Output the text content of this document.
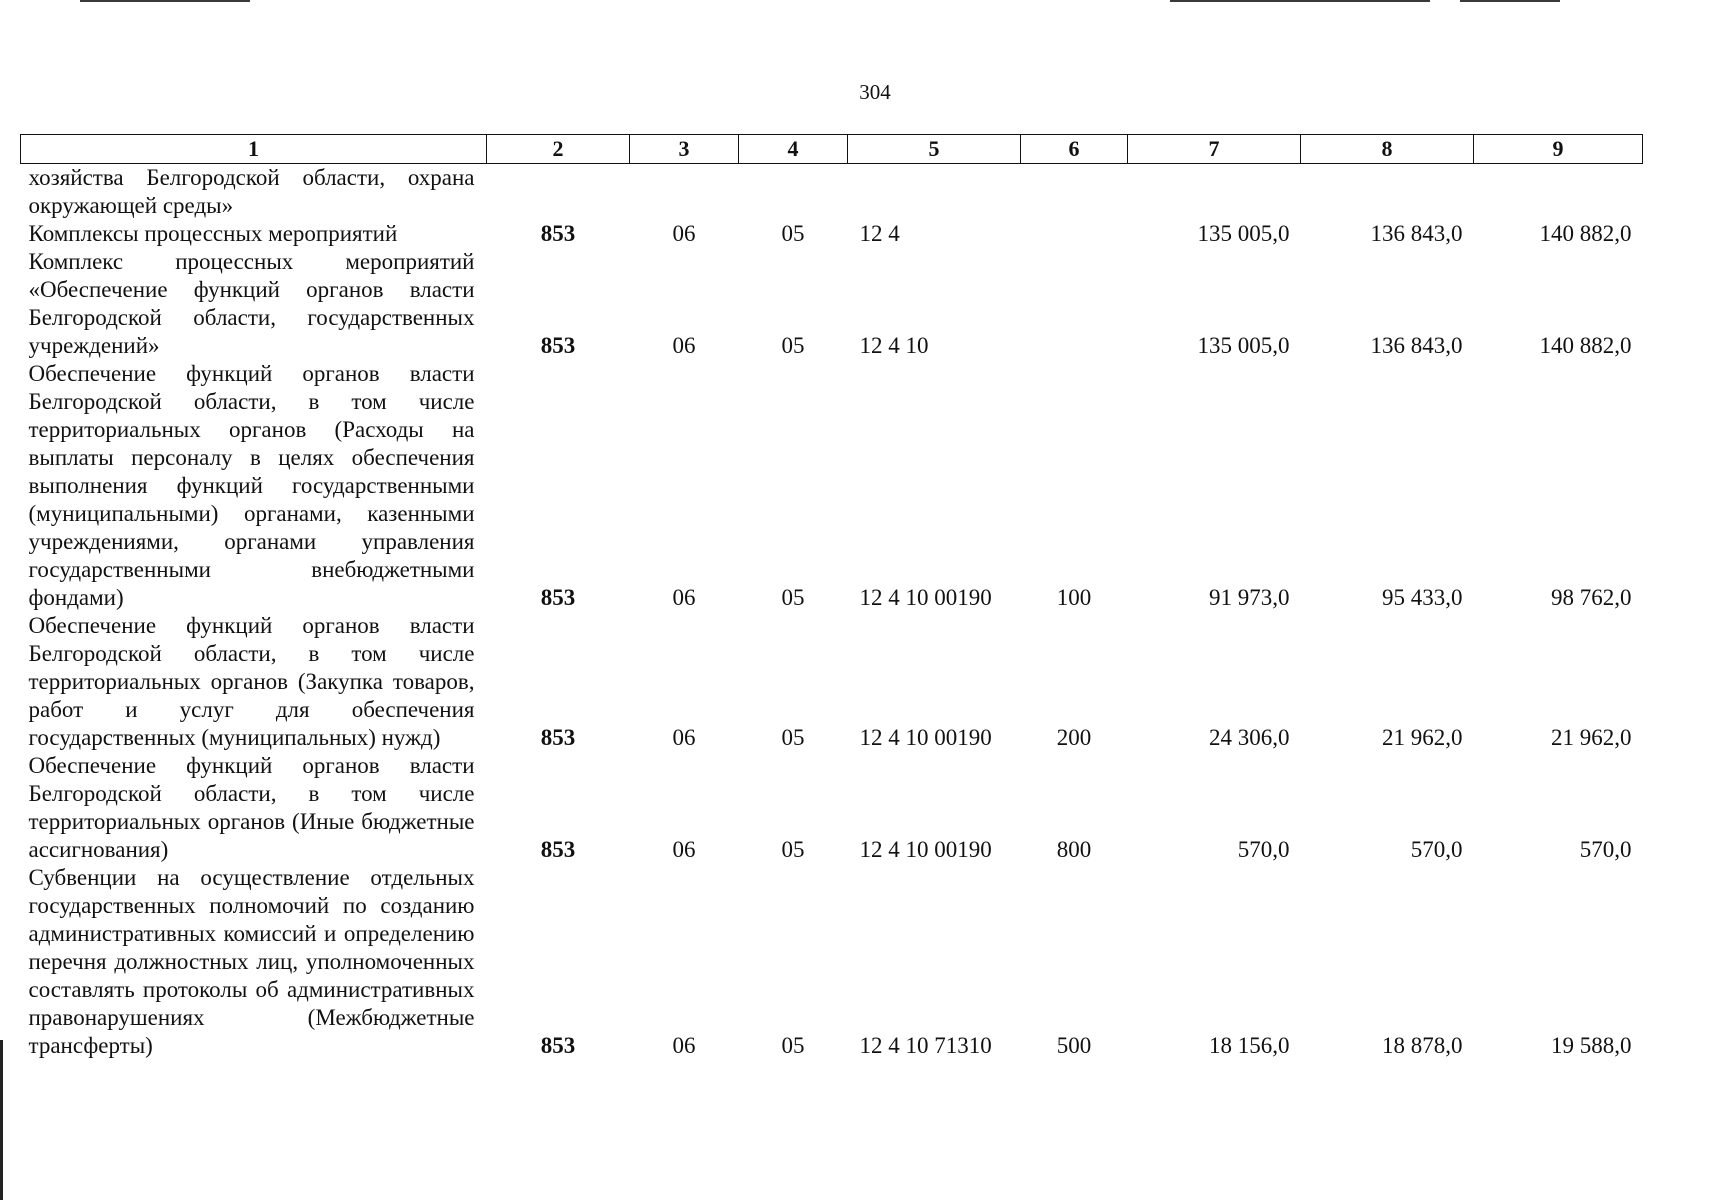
304
1	2	3	4	5	6	7	8	9
хозяйства Белгородской области, охрана окружающей среды»								
Комплексы процессных мероприятий	853	06	05	12 4		135 005,0	136 843,0	140 882,0
Комплекс процессных мероприятий «Обеспечение функций органов власти Белгородской области, государственных учреждений»	853	06	05	12 4 10		135 005,0	136 843,0	140 882,0
Обеспечение функций органов власти Белгородской области, в том числе территориальных органов (Расходы на выплаты персоналу в целях обеспечения выполнения функций государственными (муниципальными) органами, казенными учреждениями, органами управления государственными внебюджетными фондами)	853	06	05	12 4 10 00190	100	91 973,0	95 433,0	98 762,0
Обеспечение функций органов власти Белгородской области, в том числе территориальных органов (Закупка товаров, работ и услуг для обеспечения государственных (муниципальных) нужд)	853	06	05	12 4 10 00190	200	24 306,0	21 962,0	21 962,0
Обеспечение функций органов власти Белгородской области, в том числе территориальных органов (Иные бюджетные ассигнования)	853	06	05	12 4 10 00190	800	570,0	570,0	570,0
Субвенции на осуществление отдельных государственных полномочий по созданию административных комиссий и определению перечня должностных лиц, уполномоченных составлять протоколы об административных правонарушениях (Межбюджетные трансферты)	853	06	05	12 4 10 71310	500	18 156,0	18 878,0	19 588,0
